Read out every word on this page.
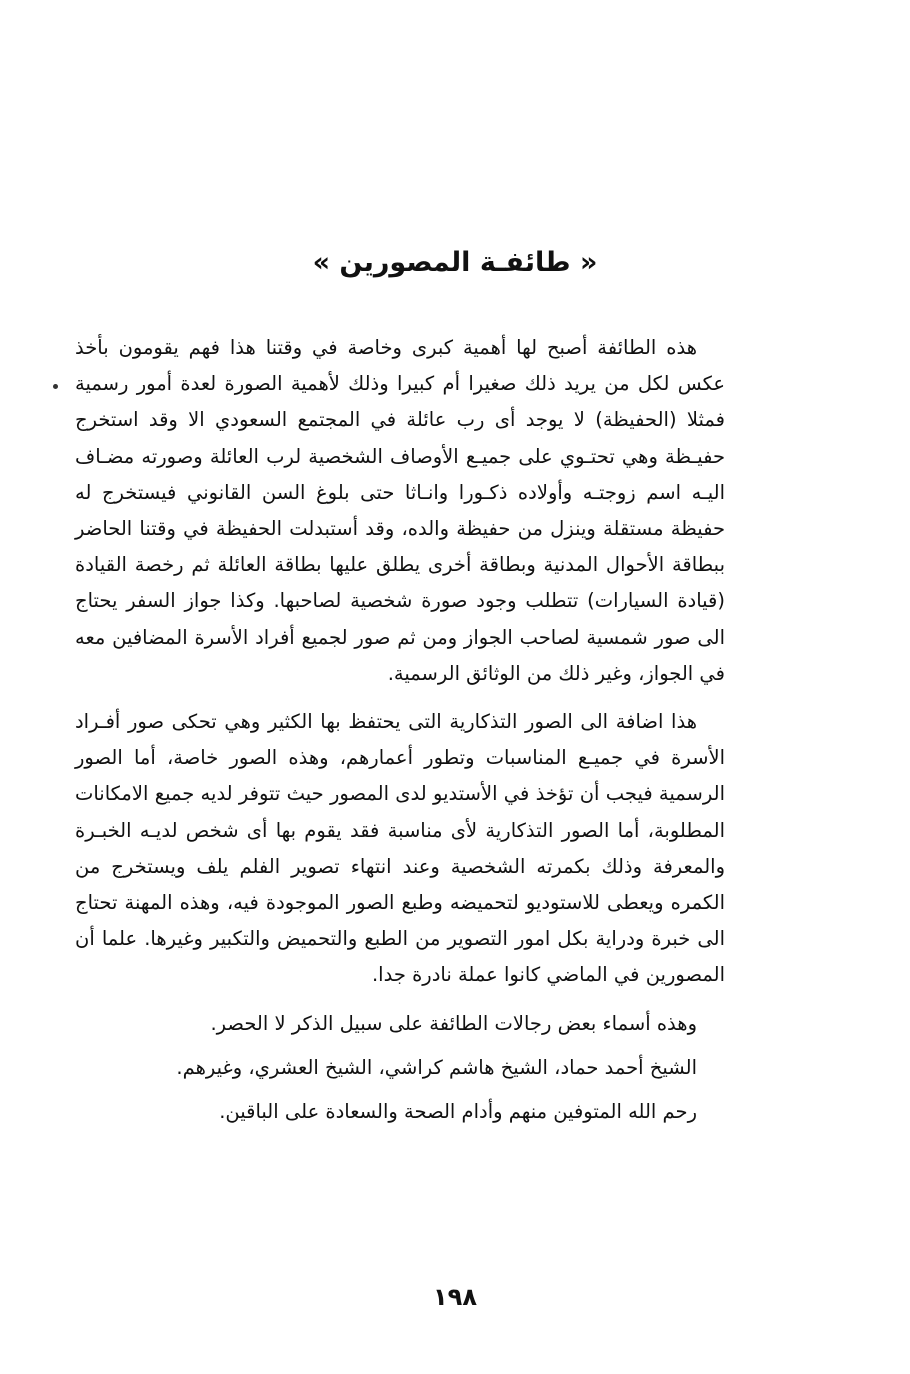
« طائفـة المصورين »

هذه الطائفة أصبح لها أهمية كبرى وخاصة في وقتنا هذا فهم يقومون بأخذ عكس لكل من يريد ذلك صغيرا أم كبيرا وذلك لأهمية الصورة لعدة أمور رسمية فمثلا (الحفيظة) لا يوجد أى رب عائلة في المجتمع السعودي الا وقد استخرج حفيـظة وهي تحتـوي على جميـع الأوصاف الشخصية لرب العائلة وصورته مضـاف اليـه اسم زوجتـه وأولاده ذكـورا وانـاثا حتى بلوغ السن القانوني فيستخرج له حفيظة مستقلة وينزل من حفيظة والده، وقد أستبدلت الحفيظة في وقتنا الحاضر ببطاقة الأحوال المدنية وبطاقة أخرى يطلق عليها بطاقة العائلة ثم رخصة القيادة (قيادة السيارات) تتطلب وجود صورة شخصية لصاحبها. وكذا جواز السفر يحتاج الى صور شمسية لصاحب الجواز ومن ثم صور لجميع أفراد الأسرة المضافين معه في الجواز، وغير ذلك من الوثائق الرسمية.

هذا اضافة الى الصور التذكارية التى يحتفظ بها الكثير وهي تحكى صور أفـراد الأسرة في جميـع المناسبات وتطور أعمارهم، وهذه الصور خاصة، أما الصور الرسمية فيجب أن تؤخذ في الأستديو لدى المصور حيث تتوفر لديه جميع الامكانات المطلوبة، أما الصور التذكارية لأى مناسبة فقد يقوم بها أى شخص لديـه الخبـرة والمعرفة وذلك بكمرته الشخصية وعند انتهاء تصوير الفلم يلف ويستخرج من الكمره ويعطى للاستوديو لتحميضه وطبع الصور الموجودة فيه، وهذه المهنة تحتاج الى خبرة ودراية بكل امور التصوير من الطبع والتحميض والتكبير وغيرها. علما أن المصورين في الماضي كانوا عملة نادرة جدا.

وهذه أسماء بعض رجالات الطائفة على سبيل الذكر لا الحصر.

الشيخ أحمد حماد، الشيخ هاشم كراشي، الشيخ العشري، وغيرهم.

رحم الله المتوفين منهم وأدام الصحة والسعادة على الباقين.

١٩٨
